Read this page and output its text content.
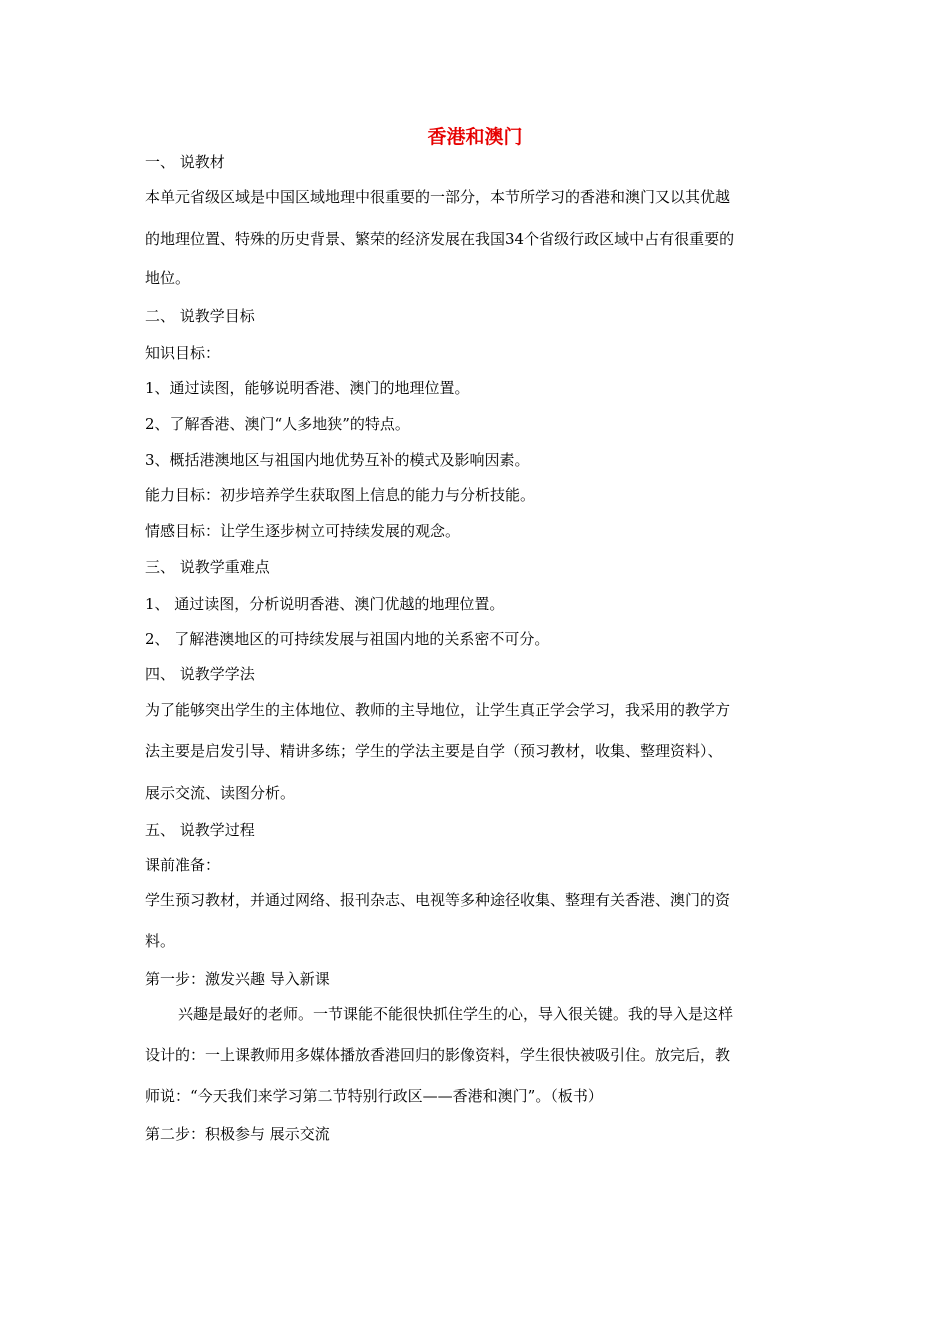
香港和澳门
一、 说教材
本单元省级区域是中国区域地理中很重要的一部分，本节所学习的香港和澳门又以其优越
的地理位置、特殊的历史背景、繁荣的经济发展在我国34个省级行政区域中占有很重要的
地位。
二、 说教学目标
知识目标：
1、通过读图，能够说明香港、澳门的地理位置。
2、了解香港、澳门“人多地狭”的特点。
3、概括港澳地区与祖国内地优势互补的模式及影响因素。
能力目标：初步培养学生获取图上信息的能力与分析技能。
情感目标：让学生逐步树立可持续发展的观念。
三、 说教学重难点
1、 通过读图，分析说明香港、澳门优越的地理位置。
2、 了解港澳地区的可持续发展与祖国内地的关系密不可分。
四、 说教学学法
为了能够突出学生的主体地位、教师的主导地位，让学生真正学会学习，我采用的教学方
法主要是启发引导、精讲多练；学生的学法主要是自学（预习教材，收集、整理资料）、
展示交流、读图分析。
五、 说教学过程
课前准备：
学生预习教材，并通过网络、报刊杂志、电视等多种途径收集、整理有关香港、澳门的资
料。
第一步：激发兴趣 导入新课
兴趣是最好的老师。一节课能不能很快抓住学生的心，导入很关键。我的导入是这样
设计的：一上课教师用多媒体播放香港回归的影像资料，学生很快被吸引住。放完后，教
师说：“今天我们来学习第二节特别行政区——香港和澳门”。（板书）
第二步：积极参与 展示交流
